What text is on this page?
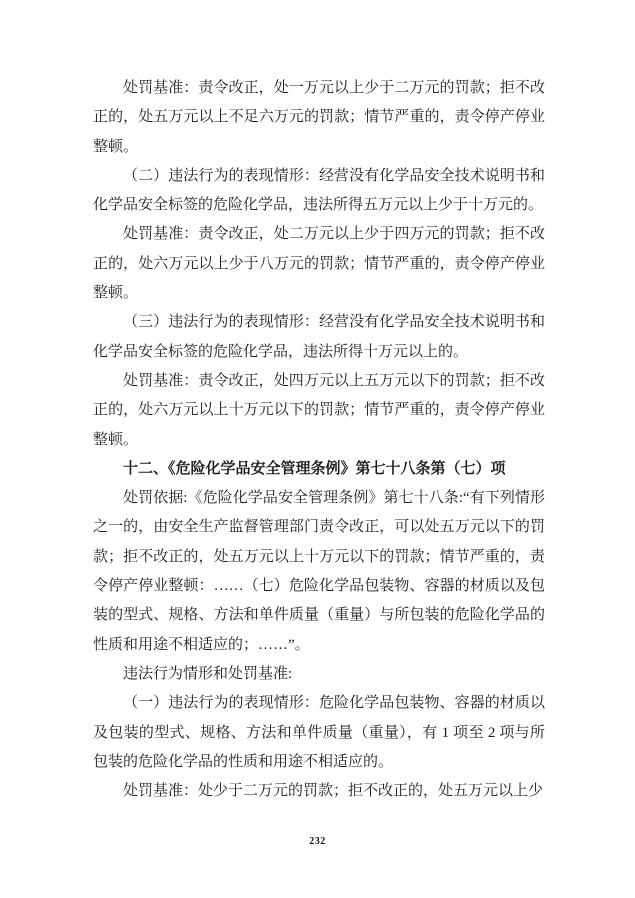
处罚基准：责令改正，处一万元以上少于二万元的罚款；拒不改正的，处五万元以上不足六万元的罚款；情节严重的，责令停产停业整顿。

（二）违法行为的表现情形：经营没有化学品安全技术说明书和化学品安全标签的危险化学品，违法所得五万元以上少于十万元的。

处罚基准：责令改正，处二万元以上少于四万元的罚款；拒不改正的，处六万元以上少于八万元的罚款；情节严重的，责令停产停业整顿。

（三）违法行为的表现情形：经营没有化学品安全技术说明书和化学品安全标签的危险化学品，违法所得十万元以上的。

处罚基准：责令改正，处四万元以上五万元以下的罚款；拒不改正的，处六万元以上十万元以下的罚款；情节严重的，责令停产停业整顿。

十二、《危险化学品安全管理条例》第七十八条第（七）项

处罚依据:《危险化学品安全管理条例》第七十八条:“有下列情形之一的，由安全生产监督管理部门责令改正，可以处五万元以下的罚款；拒不改正的，处五万元以上十万元以下的罚款；情节严重的，责令停产停业整顿：……（七）危险化学品包装物、容器的材质以及包装的型式、规格、方法和单件质量（重量）与所包装的危险化学品的性质和用途不相适应的；……”。

违法行为情形和处罚基准:

（一）违法行为的表现情形：危险化学品包装物、容器的材质以及包装的型式、规格、方法和单件质量（重量），有 1 项至 2 项与所包装的危险化学品的性质和用途不相适应的。

处罚基准：处少于二万元的罚款；拒不改正的，处五万元以上少

232
